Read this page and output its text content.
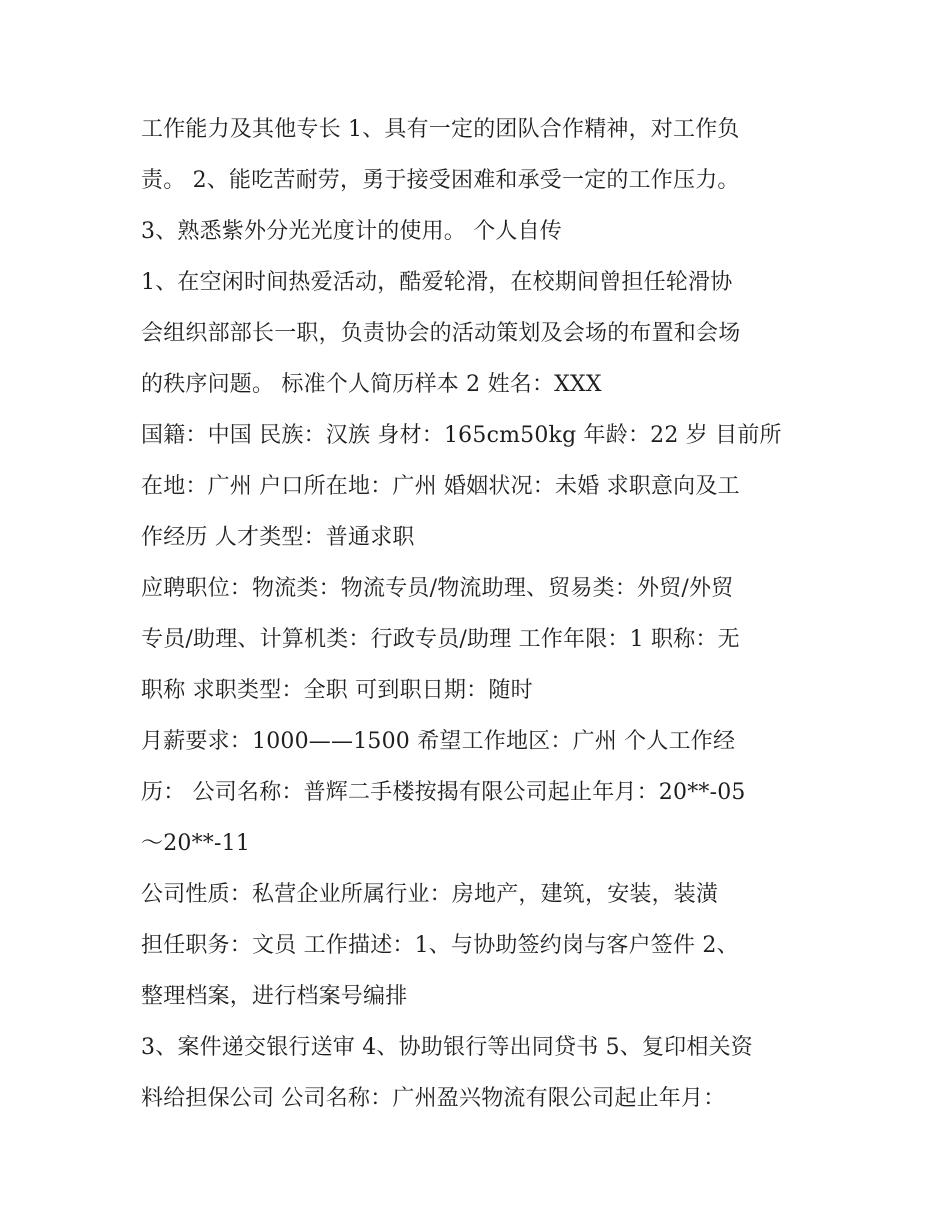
工作能力及其他专长 1、具有一定的团队合作精神，对工作负
责。 2、能吃苦耐劳，勇于接受困难和承受一定的工作压力。
3、熟悉紫外分光光度计的使用。 个人自传
1、在空闲时间热爱活动，酷爱轮滑，在校期间曾担任轮滑协
会组织部部长一职，负责协会的活动策划及会场的布置和会场
的秩序问题。 标准个人简历样本 2 姓名：XXX
国籍：中国 民族：汉族 身材：165cm50kg 年龄：22 岁 目前所
在地：广州 户口所在地：广州 婚姻状况：未婚 求职意向及工
作经历 人才类型：普通求职
应聘职位：物流类：物流专员/物流助理、贸易类：外贸/外贸
专员/助理、计算机类：行政专员/助理 工作年限：1 职称：无
职称 求职类型：全职 可到职日期：随时
月薪要求：1000——1500 希望工作地区：广州 个人工作经
历： 公司名称：普辉二手楼按揭有限公司起止年月：20**-05
～20**-11
公司性质：私营企业所属行业：房地产，建筑，安装，装潢
担任职务：文员 工作描述：1、与协助签约岗与客户签件 2、
整理档案，进行档案号编排
3、案件递交银行送审 4、协助银行等出同贷书 5、复印相关资
料给担保公司 公司名称：广州盈兴物流有限公司起止年月：
